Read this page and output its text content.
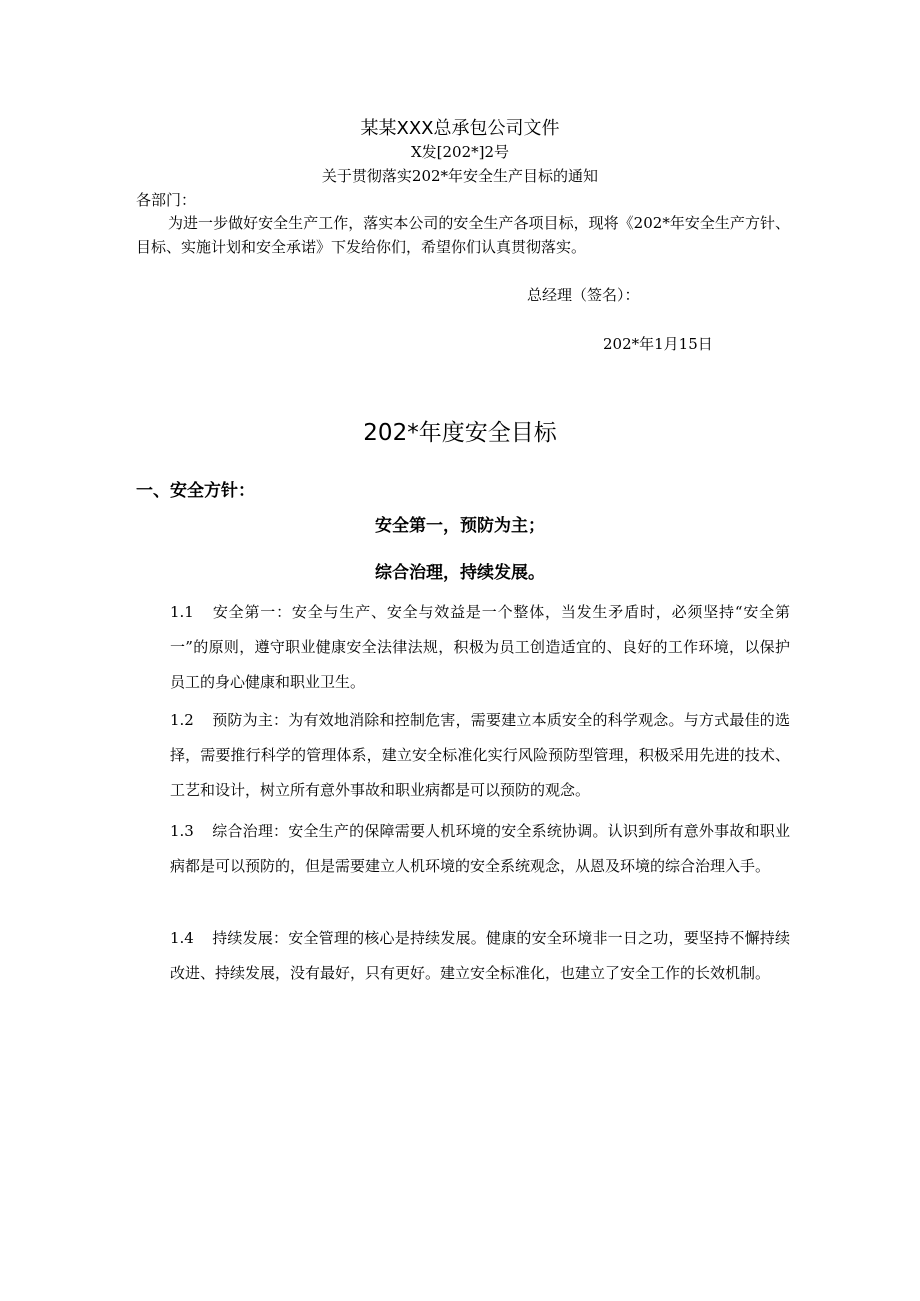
某某XXX总承包公司文件
X发[202*]2号
关于贯彻落实202*年安全生产目标的通知
各部门：
为进一步做好安全生产工作，落实本公司的安全生产各项目标，现将《202*年安全生产方针、目标、实施计划和安全承诺》下发给你们，希望你们认真贯彻落实。
总经理（签名）：
202*年1月15日
202*年度安全目标
一、安全方针：
安全第一，预防为主；
综合治理，持续发展。
1.1 安全第一：安全与生产、安全与效益是一个整体，当发生矛盾时，必须坚持“安全第一”的原则，遵守职业健康安全法律法规，积极为员工创造适宜的、良好的工作环境，以保护员工的身心健康和职业卫生。
1.2 预防为主：为有效地消除和控制危害，需要建立本质安全的科学观念。与方式最佳的选择，需要推行科学的管理体系，建立安全标准化实行风险预防型管理，积极采用先进的技术、工艺和设计，树立所有意外事故和职业病都是可以预防的观念。
1.3 综合治理：安全生产的保障需要人机环境的安全系统协调。认识到所有意外事故和职业病都是可以预防的，但是需要建立人机环境的安全系统观念，从恩及环境的综合治理入手。
1.4 持续发展：安全管理的核心是持续发展。健康的安全环境非一日之功，要坚持不懈持续改进、持续发展，没有最好，只有更好。建立安全标准化，也建立了安全工作的长效机制。
